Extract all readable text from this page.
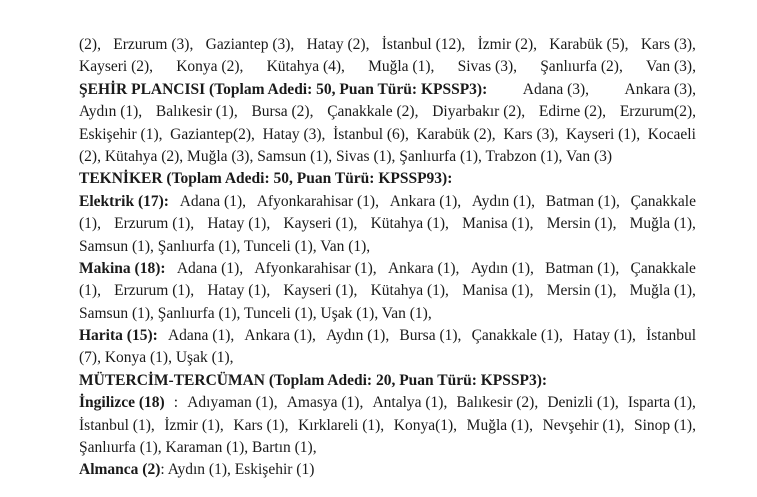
(2), Erzurum (3), Gaziantep (3), Hatay (2), İstanbul (12), İzmir (2), Karabük (5), Kars (3),
Kayseri (2), Konya (2), Kütahya (4), Muğla (1), Sivas (3), Şanlıurfa (2), Van (3),
ŞEHİR PLANCISI (Toplam Adedi: 50, Puan Türü: KPSSP3): Adana (3), Ankara (3),
Aydın (1), Balıkesir (1), Bursa (2), Çanakkale (2), Diyarbakır (2), Edirne (2), Erzurum(2),
Eskişehir (1), Gaziantep(2), Hatay (3), İstanbul (6), Karabük (2), Kars (3), Kayseri (1), Kocaeli
(2), Kütahya (2), Muğla (3), Samsun (1), Sivas (1), Şanlıurfa (1), Trabzon (1), Van (3)
TEKNİKER (Toplam Adedi: 50, Puan Türü: KPSSP93):
Elektrik (17): Adana (1), Afyonkarahisar (1), Ankara (1), Aydın (1), Batman (1), Çanakkale
(1), Erzurum (1), Hatay (1), Kayseri (1), Kütahya (1), Manisa (1), Mersin (1), Muğla (1),
Samsun (1), Şanlıurfa (1), Tunceli (1), Van (1),
Makina (18): Adana (1), Afyonkarahisar (1), Ankara (1), Aydın (1), Batman (1), Çanakkale
(1), Erzurum (1), Hatay (1), Kayseri (1), Kütahya (1), Manisa (1), Mersin (1), Muğla (1),
Samsun (1), Şanlıurfa (1), Tunceli (1), Uşak (1), Van (1),
Harita (15): Adana (1), Ankara (1), Aydın (1), Bursa (1), Çanakkale (1), Hatay (1), İstanbul
(7), Konya (1), Uşak (1),
MÜTERCİM-TERCÜMAN (Toplam Adedi: 20, Puan Türü: KPSSP3):
İngilizce (18) : Adıyaman (1), Amasya (1), Antalya (1), Balıkesir (2), Denizli (1), Isparta (1),
İstanbul (1), İzmir (1), Kars (1), Kırklareli (1), Konya(1), Muğla (1), Nevşehir (1), Sinop (1),
Şanlıurfa (1), Karaman (1), Bartın (1),
Almanca (2): Aydın (1), Eskişehir (1)
